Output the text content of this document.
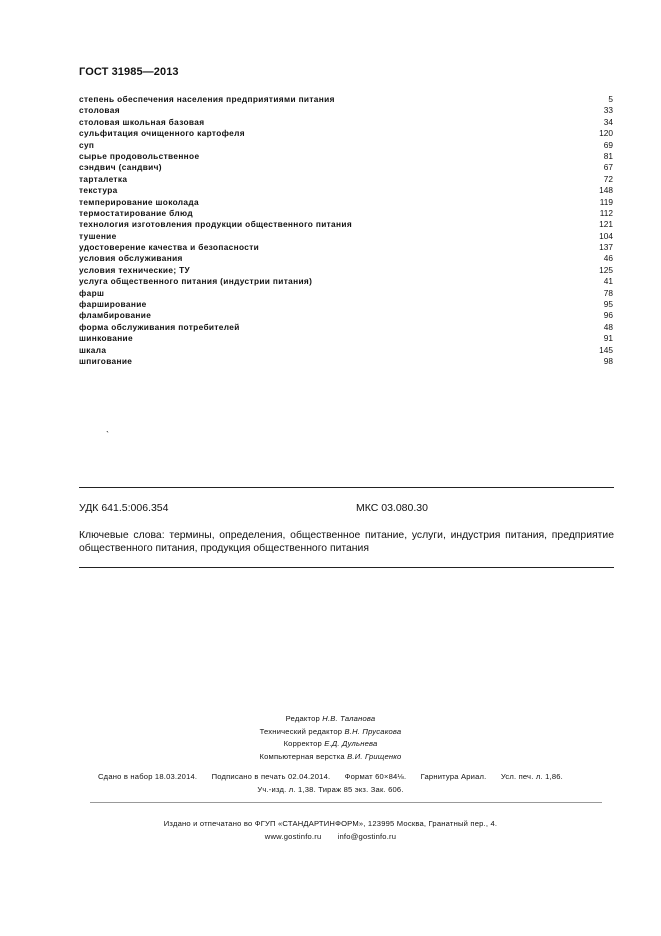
ГОСТ 31985—2013
степень обеспечения населения предприятиями питания	5
столовая	33
столовая школьная базовая	34
сульфитация очищенного картофеля	120
суп	69
сырье продовольственное	81
сэндвич (сандвич)	67
тарталетка	72
текстура	148
темперирование шоколада	119
термостатирование блюд	112
технология изготовления продукции общественного питания	121
тушение	104
удостоверение качества и безопасности	137
условия обслуживания	46
условия технические; ТУ	125
услуга общественного питания (индустрии питания)	41
фарш	78
фарширование	95
фламбирование	96
форма обслуживания потребителей	48
шинкование	91
шкала	145
шпигование	98
`
УДК 641.5:006.354	МКС 03.080.30
Ключевые слова: термины, определения, общественное питание, услуги, индустрия питания, предприятие общественного питания, продукция общественного питания
Редактор Н.В. Таланова
Технический редактор В.Н. Прусакова
Корректор Е.Д. Дульнева
Компьютерная верстка В.И. Грищенко
Сдано в набор 18.03.2014. Подписано в печать 02.04.2014. Формат 60×84⅛. Гарнитура Ариал. Усл. печ. л. 1,86.
Уч.-изд. л. 1,38. Тираж 85 экз. Зак. 606.
Издано и отпечатано во ФГУП «СТАНДАРТИНФОРМ», 123995 Москва, Гранатный пер., 4.
www.gostinfo.ru info@gostinfo.ru
